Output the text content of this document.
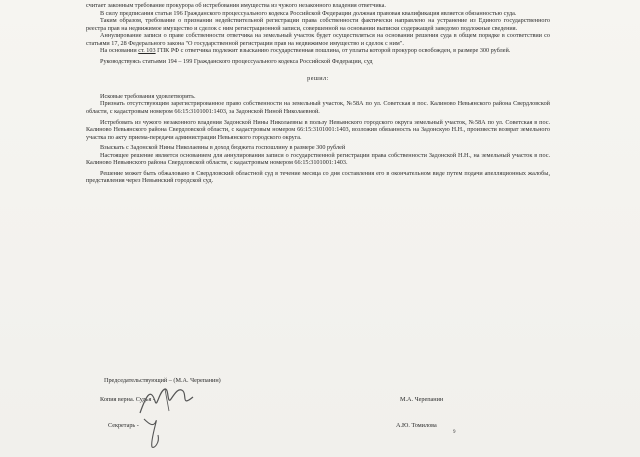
считает законным требование прокурора об истребования имущества из чужого незаконного владения ответчика.

В силу предписания статьи 196 Гражданского процессуального кодекса Российской Федерации должная правовая квалификация является обязанностью суда.

Таким образом, требование о признании недействительной регистрации права собственности фактически направлено на устранение из Единого государственного реестра прав на недвижимое имущество и сделок с ним регистрационной записи, совершенной на основании выписки содержащей заведомо подложные сведения.

Аннулирование записи о праве собственности ответчика на земельный участок будет осуществляться на основании решения суда в общем порядке в соответствии со статьями 17, 28 Федерального закона "О государственной регистрации прав на недвижимое имущество и сделок с ним".

На основании ст. 103 ГПК РФ с ответчика подлежит взысканию государственная пошлина, от уплаты которой прокурор освобожден, в размере 300 рублей.

Руководствуясь статьями 194 – 199 Гражданского процессуального кодекса Российской Федерации, суд

решил:

Исковые требования удовлетворить.

Признать отсутствующим зарегистрированное право собственности на земельный участок, №58А по ул. Советская в пос. Калиново Невьянского района Свердловской области, с кадастровым номером 66:15:3101001:1403, за Задонской Ниной Николаевной.

Истребовать из чужого незаконного владения Задонской Нины Николаевны в пользу Невьянского городского округа земельный участок, №58А по ул. Советская в пос. Калиново Невьянского района Свердловской области, с кадастровым номером 66:15:3101001:1403, возложив обязанность на Задонскую Н.Н., произвести возврат земельного участка по акту приема-передачи администрации Невьянского городского округа.

Взыскать с Задонской Нины Николаевны в доход бюджета госпошлину в размере 300 рублей

Настоящее решение является основанием для аннулирования записи о государственной регистрации права собственности Задонской Н.Н., на земельный участок в пос. Калиново Невьянского района Свердловской области, с кадастровым номером 66:15:3101001:1403.

Решение может быть обжаловано в Свердловский областной суд в течение месяца со дня составления его в окончательном виде путем подачи апелляционных жалобы, представления через Невьянский городской суд.

Председательствующий – (М.А. Черепанин)
Копия верна. Судья -	М.А. Черепанин
Секретарь -	А.Ю. Томилова
9
